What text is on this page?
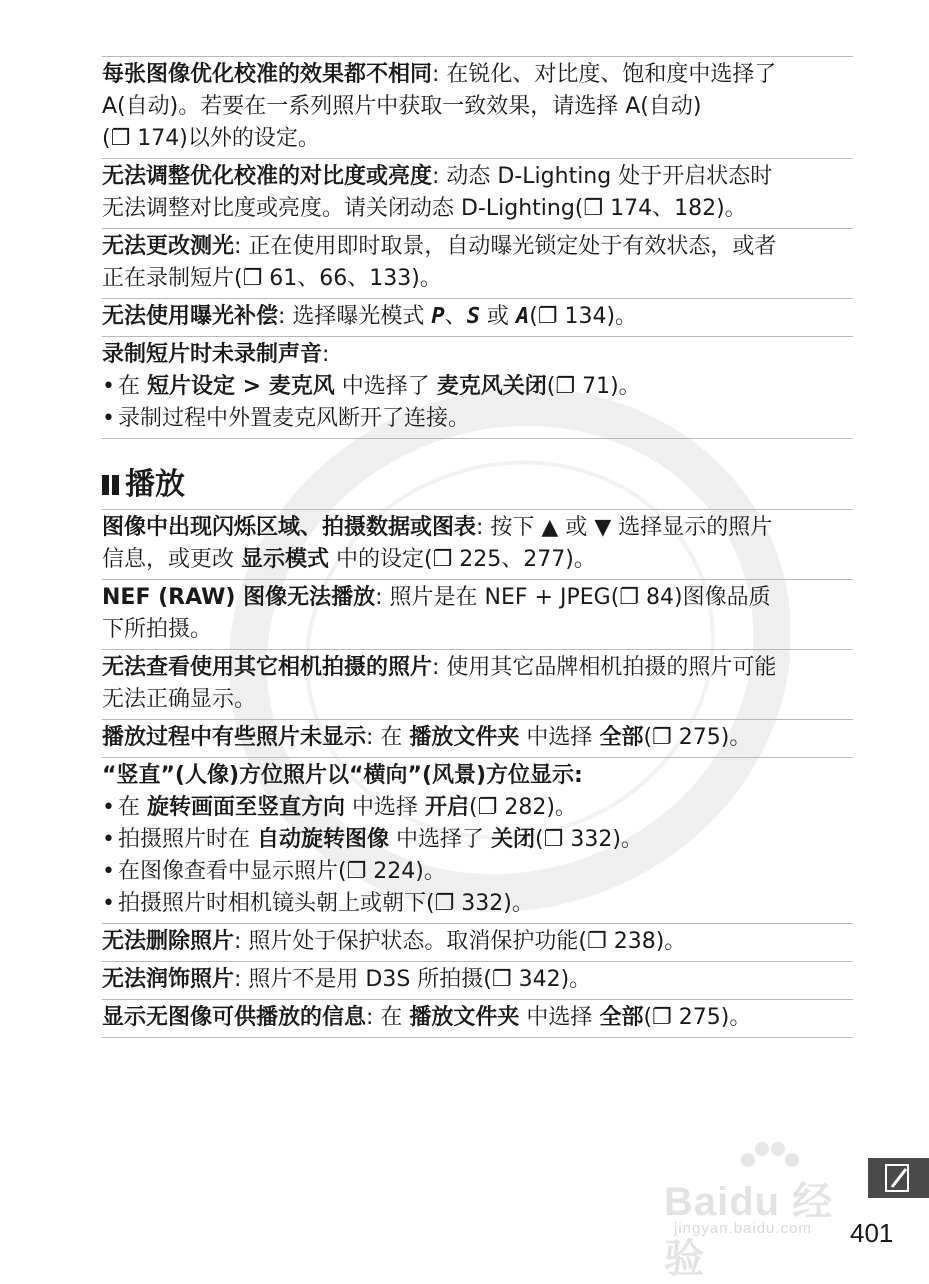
每张图像优化校准的效果都不相同: 在锐化、对比度、饱和度中选择了
A(自动)。若要在一系列照片中获取一致效果，请选择 A(自动)
(❐ 174)以外的设定。
无法调整优化校准的对比度或亮度: 动态 D-Lighting 处于开启状态时
无法调整对比度或亮度。请关闭动态 D-Lighting(❐ 174、182)。
无法更改测光: 正在使用即时取景，自动曝光锁定处于有效状态，或者
正在录制短片(❐ 61、66、133)。
无法使用曝光补偿: 选择曝光模式 P、S 或 A(❐ 134)。
录制短片时未录制声音:
• 在 短片设定 > 麦克风 中选择了 麦克风关闭(❐ 71)。
• 录制过程中外置麦克风断开了连接。
播放
图像中出现闪烁区域、拍摄数据或图表: 按下 ▲ 或 ▼ 选择显示的照片
信息，或更改 显示模式 中的设定(❐ 225、277)。
NEF (RAW) 图像无法播放: 照片是在 NEF + JPEG(❐ 84)图像品质
下所拍摄。
无法查看使用其它相机拍摄的照片: 使用其它品牌相机拍摄的照片可能
无法正确显示。
播放过程中有些照片未显示: 在 播放文件夹 中选择 全部(❐ 275)。
“竖直”(人像)方位照片以“横向”(风景)方位显示:
• 在 旋转画面至竖直方向 中选择 开启(❐ 282)。
• 拍摄照片时在 自动旋转图像 中选择了 关闭(❐ 332)。
• 在图像查看中显示照片(❐ 224)。
• 拍摄照片时相机镜头朝上或朝下(❐ 332)。
无法删除照片: 照片处于保护状态。取消保护功能(❐ 238)。
无法润饰照片: 照片不是用 D3S 所拍摄(❐ 342)。
显示无图像可供播放的信息: 在 播放文件夹 中选择 全部(❐ 275)。
Baidu 经验
jingyan.baidu.com 401
